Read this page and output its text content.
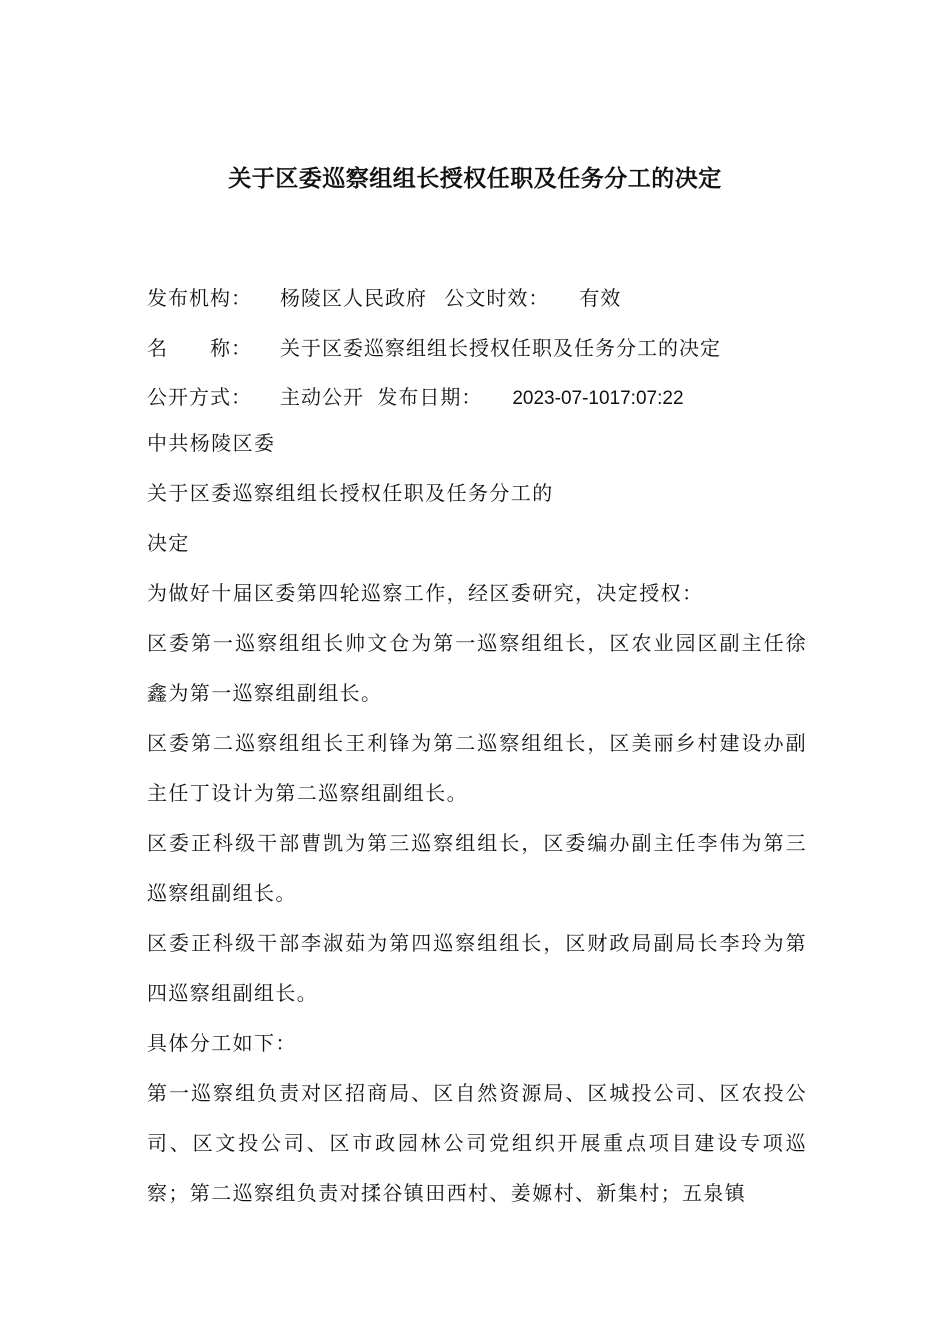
关于区委巡察组组长授权任职及任务分工的决定
发布机构： 杨陵区人民政府 公文时效： 有效
名　　称： 关于区委巡察组组长授权任职及任务分工的决定
公开方式： 主动公开 发布日期： 2023-07-1017:07:22

中共杨陵区委

关于区委巡察组组长授权任职及任务分工的

决定

为做好十届区委第四轮巡察工作，经区委研究，决定授权：

区委第一巡察组组长帅文仓为第一巡察组组长，区农业园区副主任徐鑫为第一巡察组副组长。

区委第二巡察组组长王利锋为第二巡察组组长，区美丽乡村建设办副主任丁设计为第二巡察组副组长。

区委正科级干部曹凯为第三巡察组组长，区委编办副主任李伟为第三巡察组副组长。

区委正科级干部李淑茹为第四巡察组组长，区财政局副局长李玲为第四巡察组副组长。

具体分工如下：

第一巡察组负责对区招商局、区自然资源局、区城投公司、区农投公司、区文投公司、区市政园林公司党组织开展重点项目建设专项巡察；第二巡察组负责对揉谷镇田西村、姜嫄村、新集村；五泉镇
